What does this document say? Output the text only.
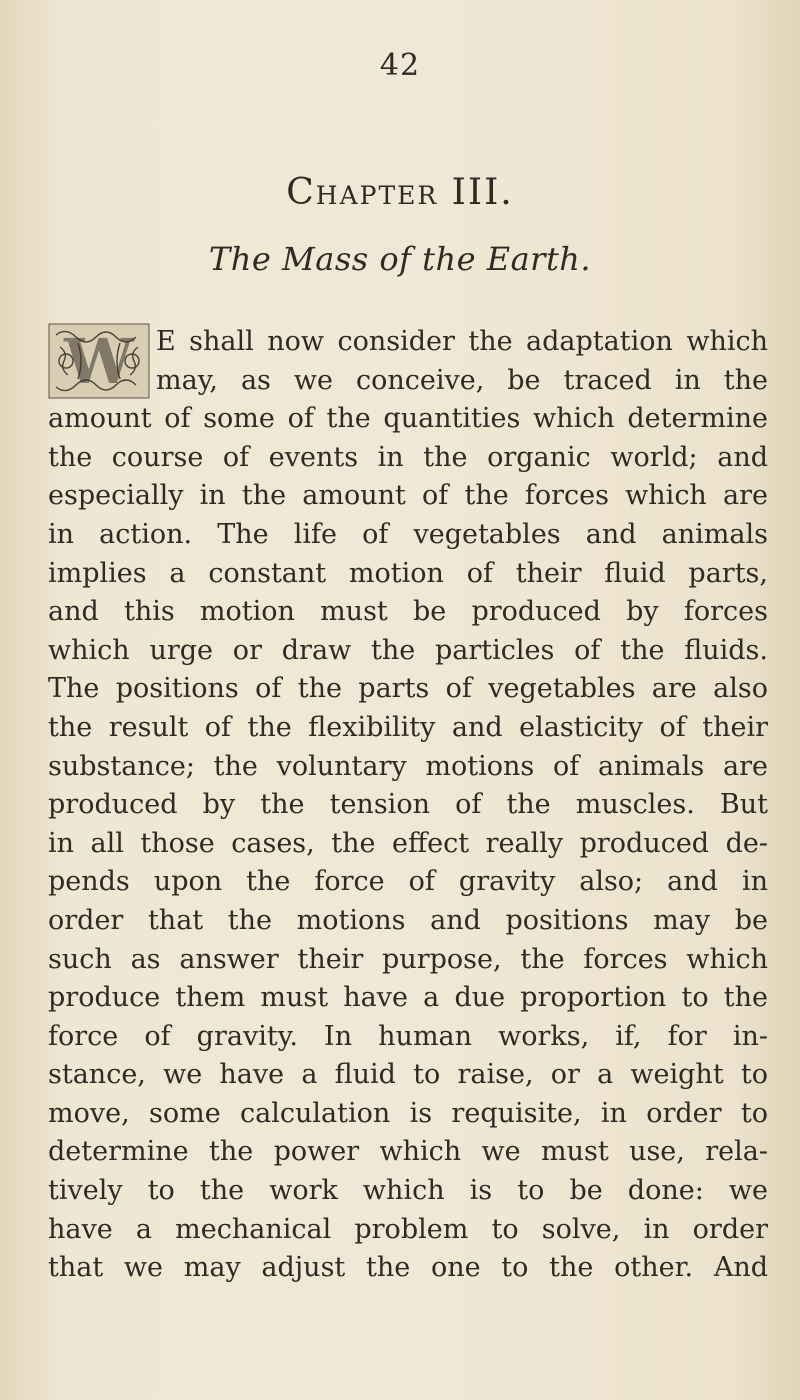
42
Chapter III.
The Mass of the Earth.
W E shall now consider the adaptation which
may, as we conceive, be traced in the
amount of some of the quantities which determine
the course of events in the organic world; and
especially in the amount of the forces which are
in action. The life of vegetables and animals
implies a constant motion of their fluid parts,
and this motion must be produced by forces
which urge or draw the particles of the fluids.
The positions of the parts of vegetables are also
the result of the flexibility and elasticity of their
substance; the voluntary motions of animals are
produced by the tension of the muscles. But
in all those cases, the effect really produced de-
pends upon the force of gravity also; and in
order that the motions and positions may be
such as answer their purpose, the forces which
produce them must have a due proportion to the
force of gravity. In human works, if, for in-
stance, we have a fluid to raise, or a weight to
move, some calculation is requisite, in order to
determine the power which we must use, rela-
tively to the work which is to be done: we
have a mechanical problem to solve, in order
that we may adjust the one to the other. And
